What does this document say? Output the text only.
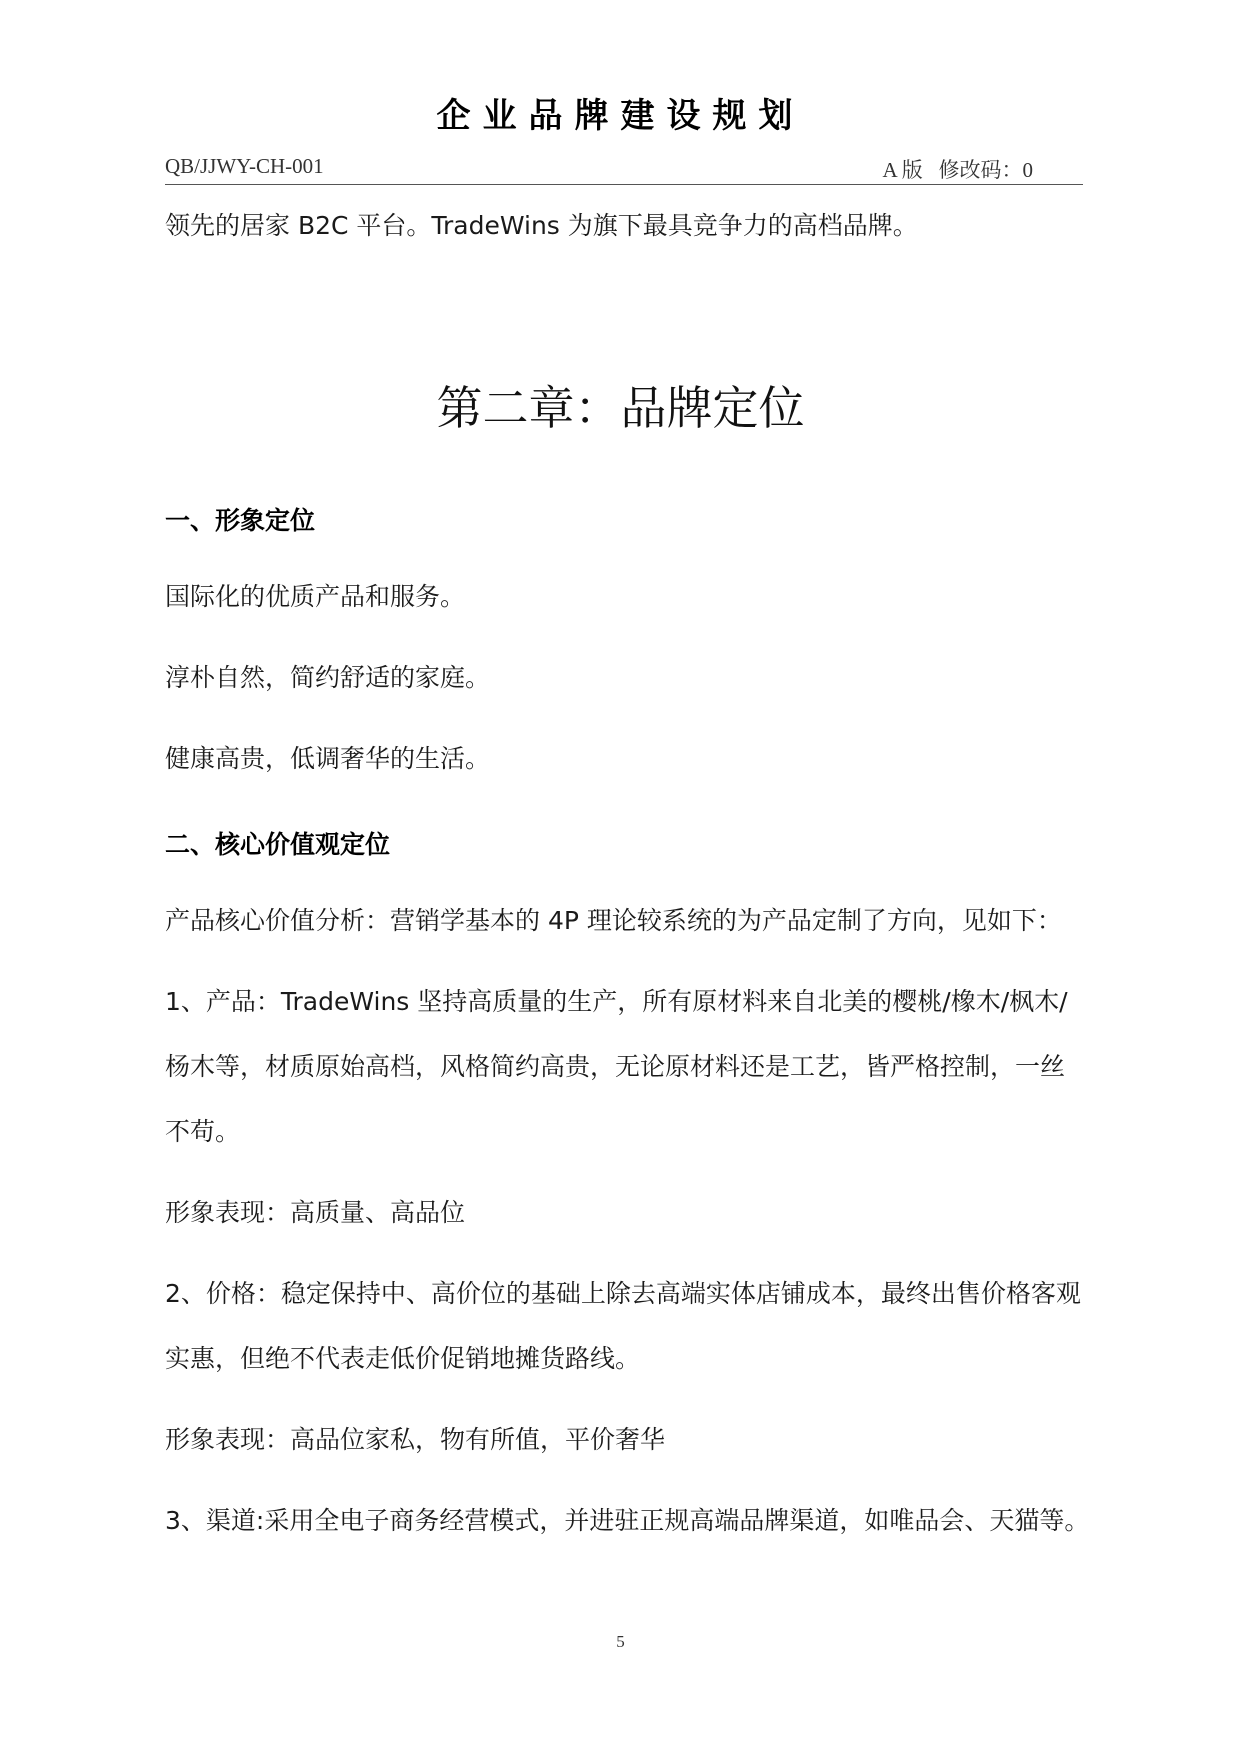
企业品牌建设规划
QB/JJWY-CH-001	A 版   修改码：0
领先的居家 B2C 平台。TradeWins 为旗下最具竞争力的高档品牌。
第二章：品牌定位
一、形象定位
国际化的优质产品和服务。
淳朴自然，简约舒适的家庭。
健康高贵，低调奢华的生活。
二、核心价值观定位
产品核心价值分析：营销学基本的 4P 理论较系统的为产品定制了方向，见如下：
1、产品：TradeWins 坚持高质量的生产，所有原材料来自北美的樱桃/橡木/枫木/
杨木等，材质原始高档，风格简约高贵，无论原材料还是工艺，皆严格控制，一丝
不苟。
形象表现：高质量、高品位
2、价格：稳定保持中、高价位的基础上除去高端实体店铺成本，最终出售价格客观
实惠，但绝不代表走低价促销地摊货路线。
形象表现：高品位家私，物有所值，平价奢华
3、渠道:采用全电子商务经营模式，并进驻正规高端品牌渠道，如唯品会、天猫等。
5
